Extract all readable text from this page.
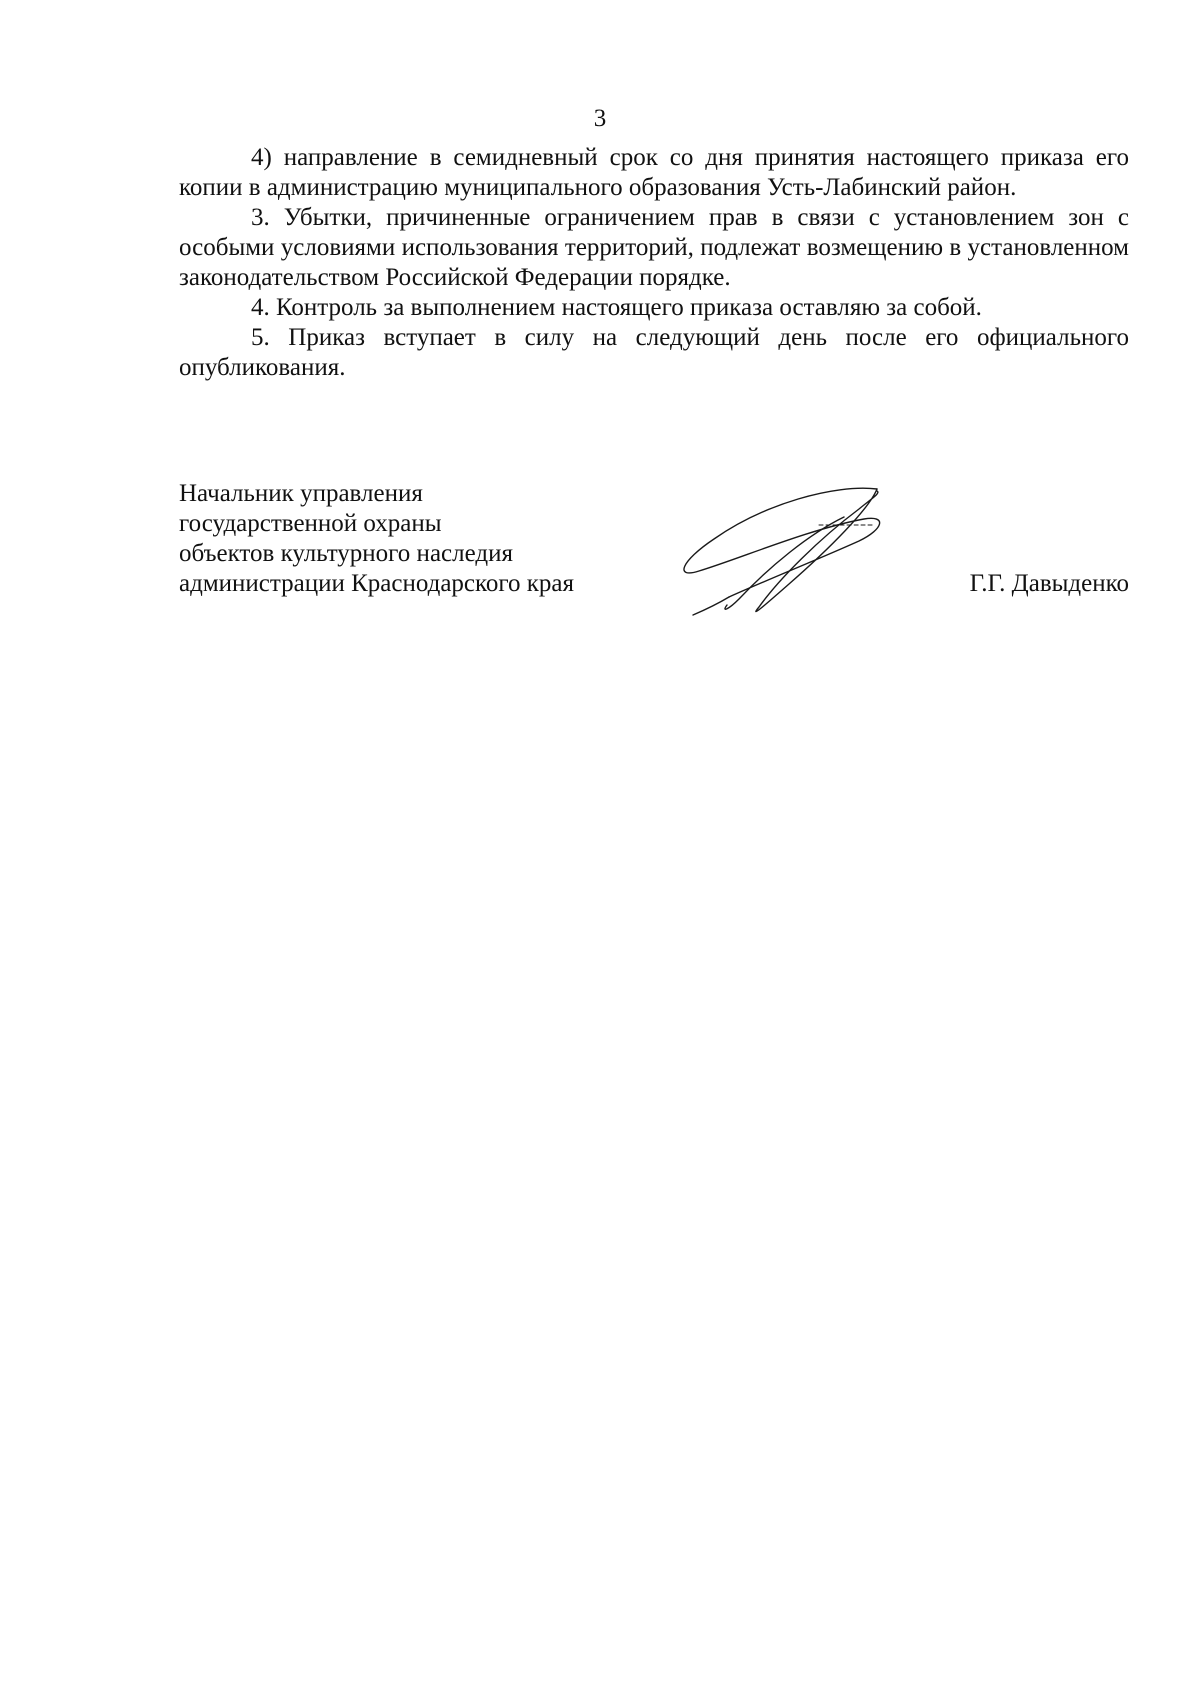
3

4) направление в семидневный срок со дня принятия настоящего приказа его копии в администрацию муниципального образования Усть-Лабинский район.

3. Убытки, причиненные ограничением прав в связи с установлением зон с особыми условиями использования территорий, подлежат возмещению в установленном законодательством Российской Федерации порядке.

4. Контроль за выполнением настоящего приказа оставляю за собой.

5. Приказ вступает в силу на следующий день после его официального опубликования.

Начальник управления
государственной охраны
объектов культурного наследия
администрации Краснодарского края	Г.Г. Давыденко
